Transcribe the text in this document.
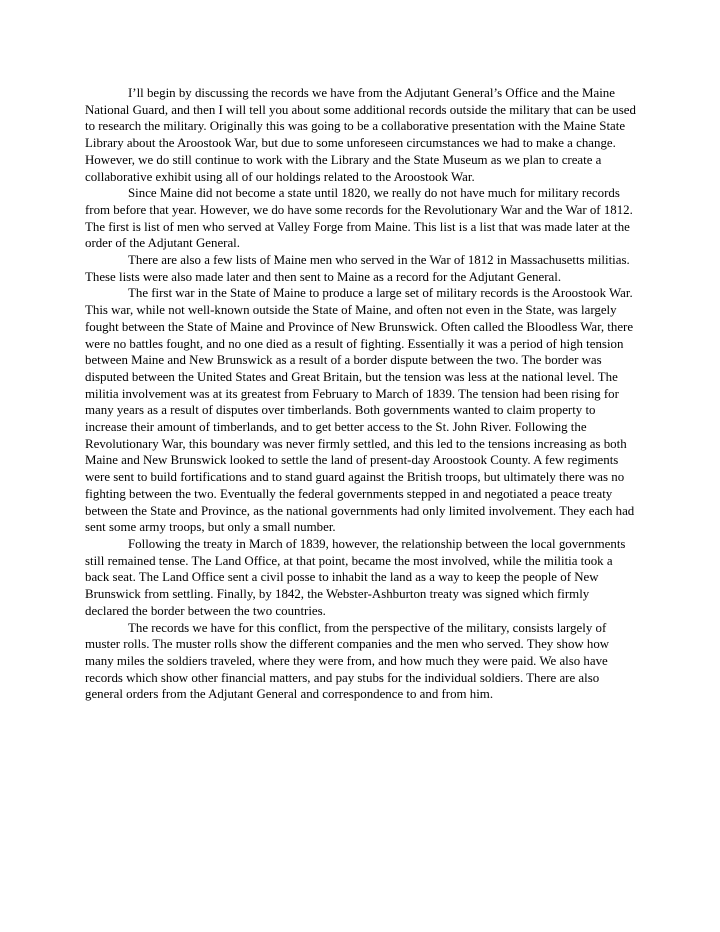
I’ll begin by discussing the records we have from the Adjutant General’s Office and the Maine National Guard, and then I will tell you about some additional records outside the military that can be used to research the military. Originally this was going to be a collaborative presentation with the Maine State Library about the Aroostook War, but due to some unforeseen circumstances we had to make a change. However, we do still continue to work with the Library and the State Museum as we plan to create a collaborative exhibit using all of our holdings related to the Aroostook War.

Since Maine did not become a state until 1820, we really do not have much for military records from before that year. However, we do have some records for the Revolutionary War and the War of 1812. The first is list of men who served at Valley Forge from Maine. This list is a list that was made later at the order of the Adjutant General.

There are also a few lists of Maine men who served in the War of 1812 in Massachusetts militias. These lists were also made later and then sent to Maine as a record for the Adjutant General.

The first war in the State of Maine to produce a large set of military records is the Aroostook War. This war, while not well-known outside the State of Maine, and often not even in the State, was largely fought between the State of Maine and Province of New Brunswick. Often called the Bloodless War, there were no battles fought, and no one died as a result of fighting. Essentially it was a period of high tension between Maine and New Brunswick as a result of a border dispute between the two. The border was disputed between the United States and Great Britain, but the tension was less at the national level. The militia involvement was at its greatest from February to March of 1839. The tension had been rising for many years as a result of disputes over timberlands. Both governments wanted to claim property to increase their amount of timberlands, and to get better access to the St. John River. Following the Revolutionary War, this boundary was never firmly settled, and this led to the tensions increasing as both Maine and New Brunswick looked to settle the land of present-day Aroostook County. A few regiments were sent to build fortifications and to stand guard against the British troops, but ultimately there was no fighting between the two. Eventually the federal governments stepped in and negotiated a peace treaty between the State and Province, as the national governments had only limited involvement. They each had sent some army troops, but only a small number.

Following the treaty in March of 1839, however, the relationship between the local governments still remained tense. The Land Office, at that point, became the most involved, while the militia took a back seat. The Land Office sent a civil posse to inhabit the land as a way to keep the people of New Brunswick from settling. Finally, by 1842, the Webster-Ashburton treaty was signed which firmly declared the border between the two countries.

The records we have for this conflict, from the perspective of the military, consists largely of muster rolls. The muster rolls show the different companies and the men who served. They show how many miles the soldiers traveled, where they were from, and how much they were paid. We also have records which show other financial matters, and pay stubs for the individual soldiers. There are also general orders from the Adjutant General and correspondence to and from him.
